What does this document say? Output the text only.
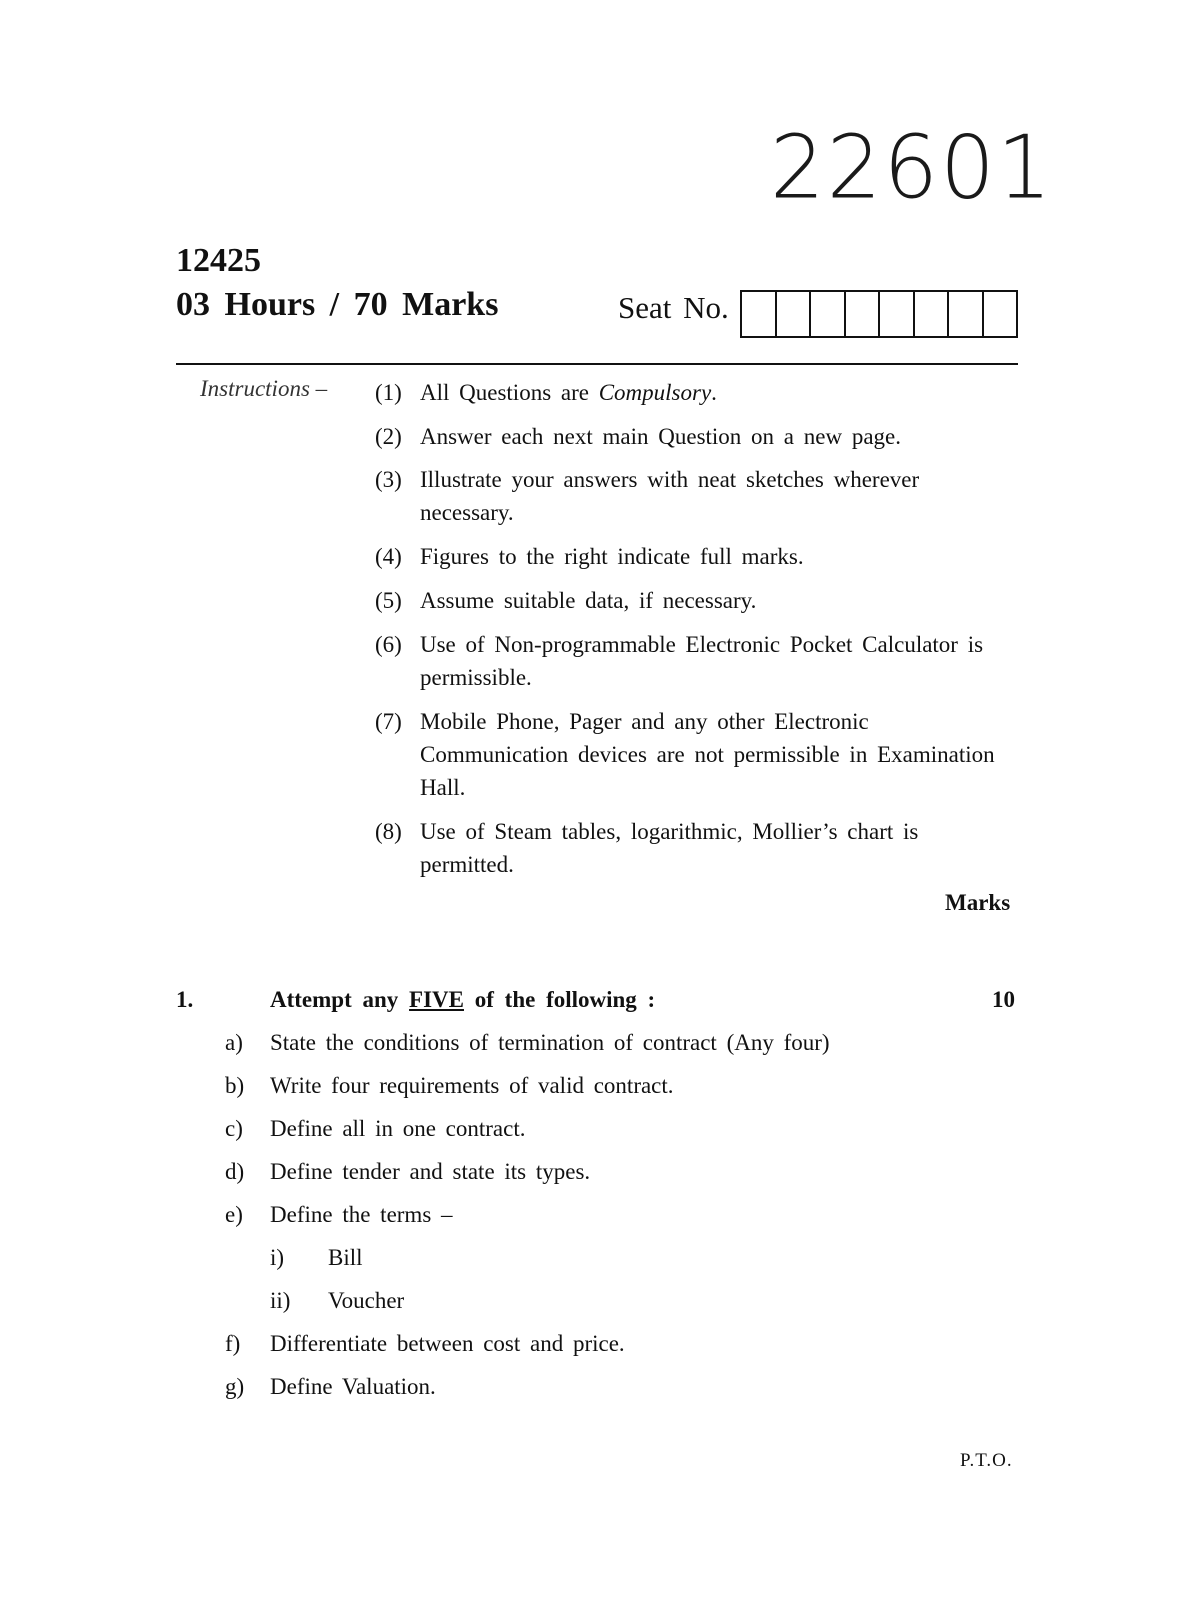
22601
12425
03 Hours / 70 Marks	Seat No.
Instructions – (1) All Questions are Compulsory.
(2) Answer each next main Question on a new page.
(3) Illustrate your answers with neat sketches wherever necessary.
(4) Figures to the right indicate full marks.
(5) Assume suitable data, if necessary.
(6) Use of Non-programmable Electronic Pocket Calculator is permissible.
(7) Mobile Phone, Pager and any other Electronic Communication devices are not permissible in Examination Hall.
(8) Use of Steam tables, logarithmic, Mollier’s chart is permitted.
Marks
1.	Attempt any FIVE of the following :	10
a) State the conditions of termination of contract (Any four)
b) Write four requirements of valid contract.
c) Define all in one contract.
d) Define tender and state its types.
e) Define the terms –
i) Bill
ii) Voucher
f) Differentiate between cost and price.
g) Define Valuation.
P.T.O.
